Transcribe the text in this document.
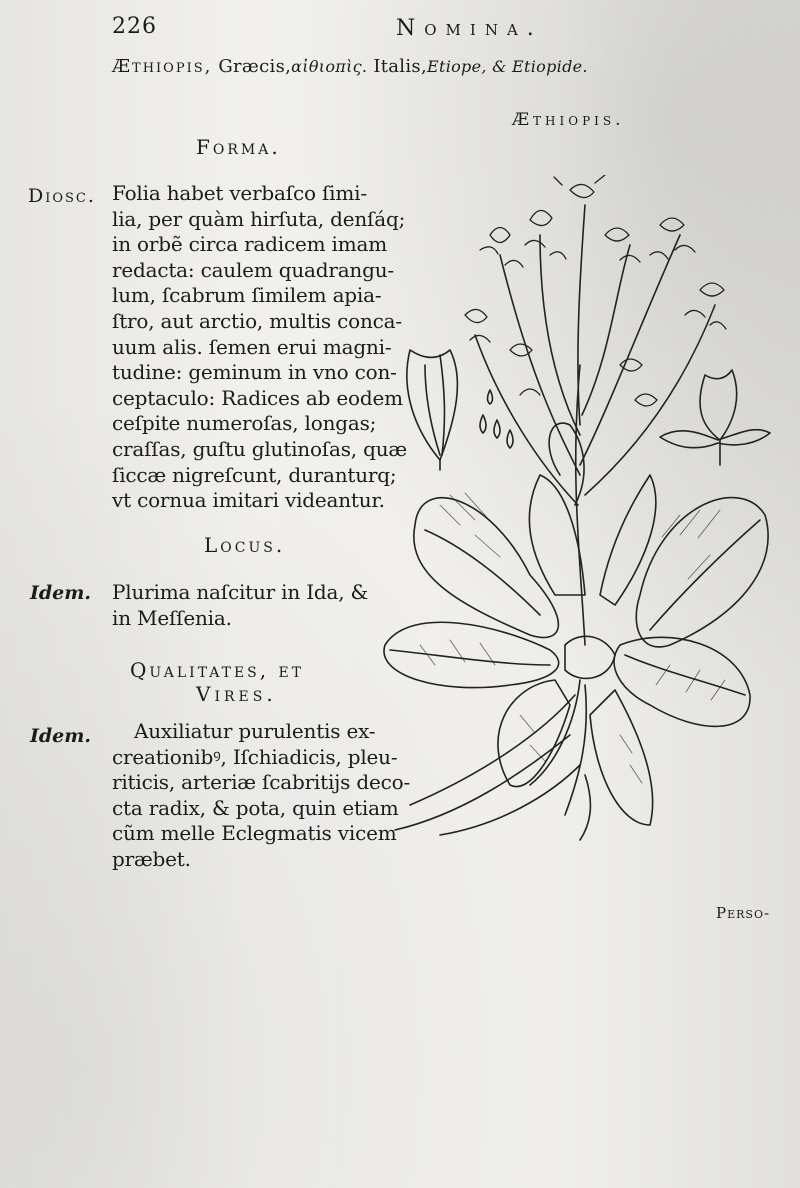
226	Nomina.
Æthiopis, Græcis,αἰθιοπὶς. Italis,Etiope, & Etiopide.
Æthiopis.
Forma.
Diosc. Folia habet verbaſco ſimi-
lia, per quàm hirſuta, denſáq;
in orbẽ circa radicem imam
redacta: caulem quadrangu-
lum, ſcabrum ſimilem apia-
ſtro, aut arctio, multis conca-
uum alis. ſemen erui magni-
tudine: geminum in vno con-
ceptaculo: Radices ab eodem
ceſpite numeroſas, longas;
craſſas, guſtu glutinoſas, quæ
ſiccæ nigreſcunt, duranturq;
vt cornua imitari videantur.
Locus.
Idem. Plurima naſcitur in Ida, &
in Meſſenia.
Qualitates, et
Vires.
Idem.	Auxiliatur purulentis ex-
creationibꝰ, Iſchiadicis, pleu-
riticis, arteriæ ſcabritijs deco-
cta radix, & pota, quin etiam
cũm melle Eclegmatis vicem
præbet.
Perso-
